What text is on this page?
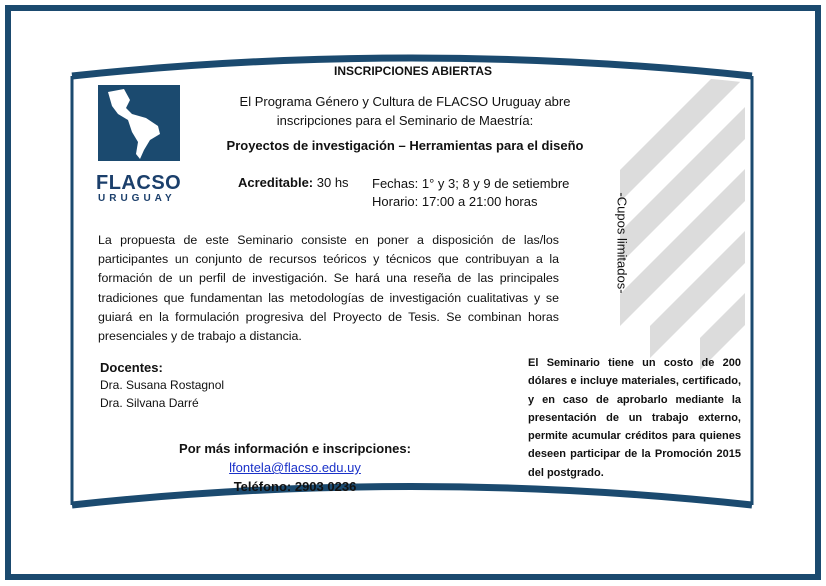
FLACSO
URUGUAY
INSCRIPCIONES ABIERTAS
El Programa Género y Cultura de FLACSO Uruguay abre
inscripciones para el Seminario de Maestría:
Proyectos de investigación – Herramientas para el diseño
Acreditable: 30 hs Fechas: 1° y 3; 8 y 9 de setiembre
Horario: 17:00 a 21:00 horas	-Cupos limitados-
La propuesta de este Seminario consiste en poner a disposición de las/los participantes un conjunto de recursos teóricos y técnicos que contribuyan a la formación de un perfil de investigación. Se hará una reseña de las principales tradiciones que fundamentan las metodologías de investigación cualitativas y se guiará en la formulación progresiva del Proyecto de Tesis. Se combinan horas presenciales y de trabajo a distancia.
Docentes:
Dra. Susana Rostagnol
Dra. Silvana Darré
Por más información e inscripciones:
lfontela@flacso.edu.uy
Teléfono: 2903 0236
El Seminario tiene un costo de 200 dólares e incluye materiales, certificado, y en caso de aprobarlo mediante la presentación de un trabajo externo, permite acumular créditos para quienes deseen participar de la Promoción 2015 del postgrado.
